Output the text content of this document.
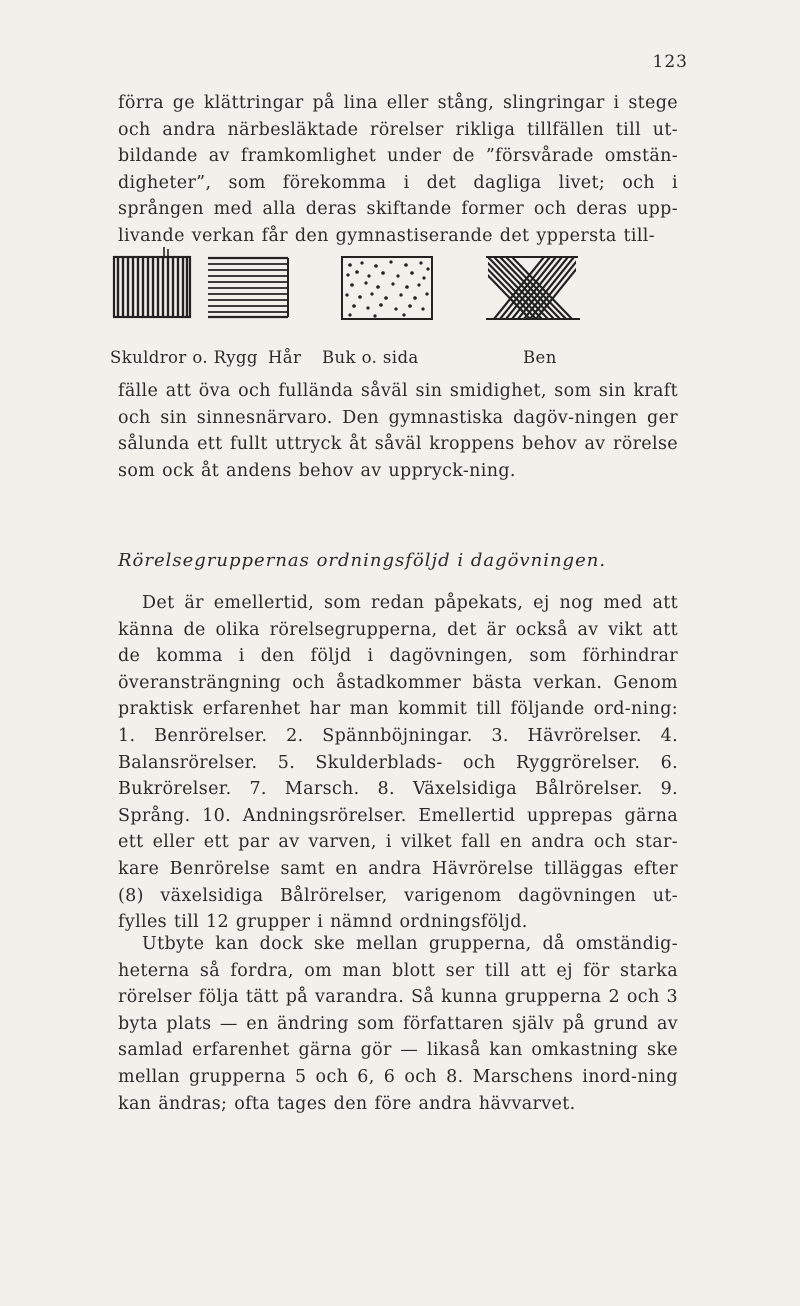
123

förra ge klättringar på lina eller stång, slingringar i stege och andra närbesläktade rörelser rikliga tillfällen till ut-bildande av framkomlighet under de ”försvårade omstän-digheter”, som förekomma i det dagliga livet; och i sprången med alla deras skiftande former och deras upp-livande verkan får den gymnastiserande det yppersta till-

Skuldror o. Rygg Hår Buk o. sida	Ben

fälle att öva och fullända såväl sin smidighet, som sin kraft och sin sinnesnärvaro. Den gymnastiska dagöv-ningen ger sålunda ett fullt uttryck åt såväl kroppens behov av rörelse som ock åt andens behov av uppryck-ning.

Rörelsegruppernas ordningsföljd i dagövningen.

Det är emellertid, som redan påpekats, ej nog med att känna de olika rörelsegrupperna, det är också av vikt att de komma i den följd i dagövningen, som förhindrar överansträngning och åstadkommer bästa verkan. Genom praktisk erfarenhet har man kommit till följande ord-ning: 1. Benrörelser. 2. Spännböjningar. 3. Hävrörelser. 4. Balansrörelser. 5. Skulderblads- och Ryggrörelser. 6. Bukrörelser. 7. Marsch. 8. Växelsidiga Bålrörelser. 9. Språng. 10. Andningsrörelser. Emellertid upprepas gärna ett eller ett par av varven, i vilket fall en andra och star-kare Benrörelse samt en andra Hävrörelse tilläggas efter (8) växelsidiga Bålrörelser, varigenom dagövningen ut-fylles till 12 grupper i nämnd ordningsföljd.

Utbyte kan dock ske mellan grupperna, då omständig-heterna så fordra, om man blott ser till att ej för starka rörelser följa tätt på varandra. Så kunna grupperna 2 och 3 byta plats — en ändring som författaren själv på grund av samlad erfarenhet gärna gör — likaså kan omkastning ske mellan grupperna 5 och 6, 6 och 8. Marschens inord-ning kan ändras; ofta tages den före andra hävvarvet.
